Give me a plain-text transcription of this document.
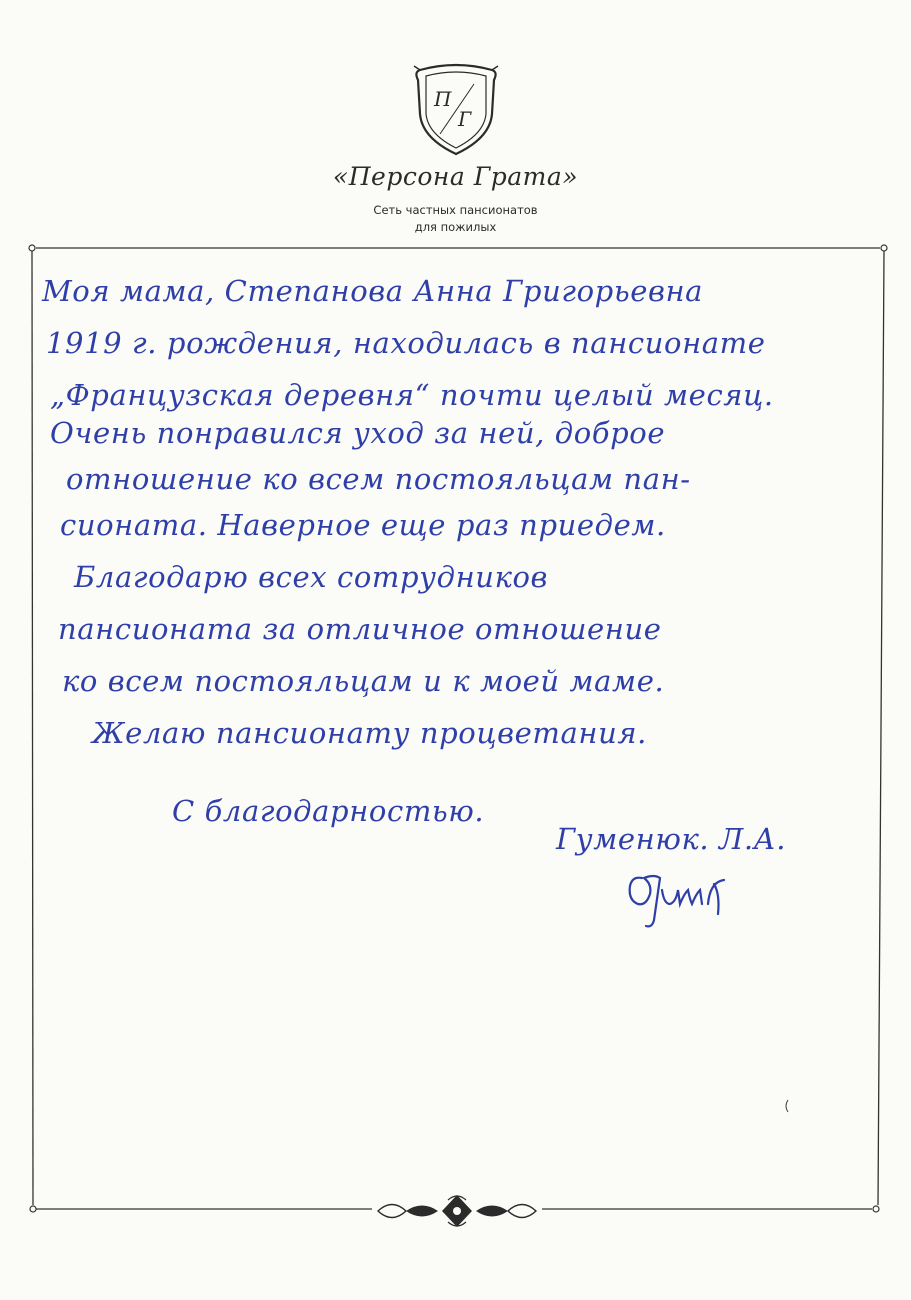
П
Г
«Персона Грата»
Сеть частных пансионатов
для пожилых

Моя мама, Степанова Анна Григорьевна

1919 г. рождения, находилась в пансионате

„Французская деревня“ почти целый месяц.

Очень понравился уход за ней, доброе

отношение ко всем постояльцам пан-

сионата. Наверное еще раз приедем.

Благодарю всех сотрудников

пансионата за отличное отношение

ко всем постояльцам и к моей маме.

Желаю пансионату процветания.

С благодарностью.

Гуменюк. Л.А.
